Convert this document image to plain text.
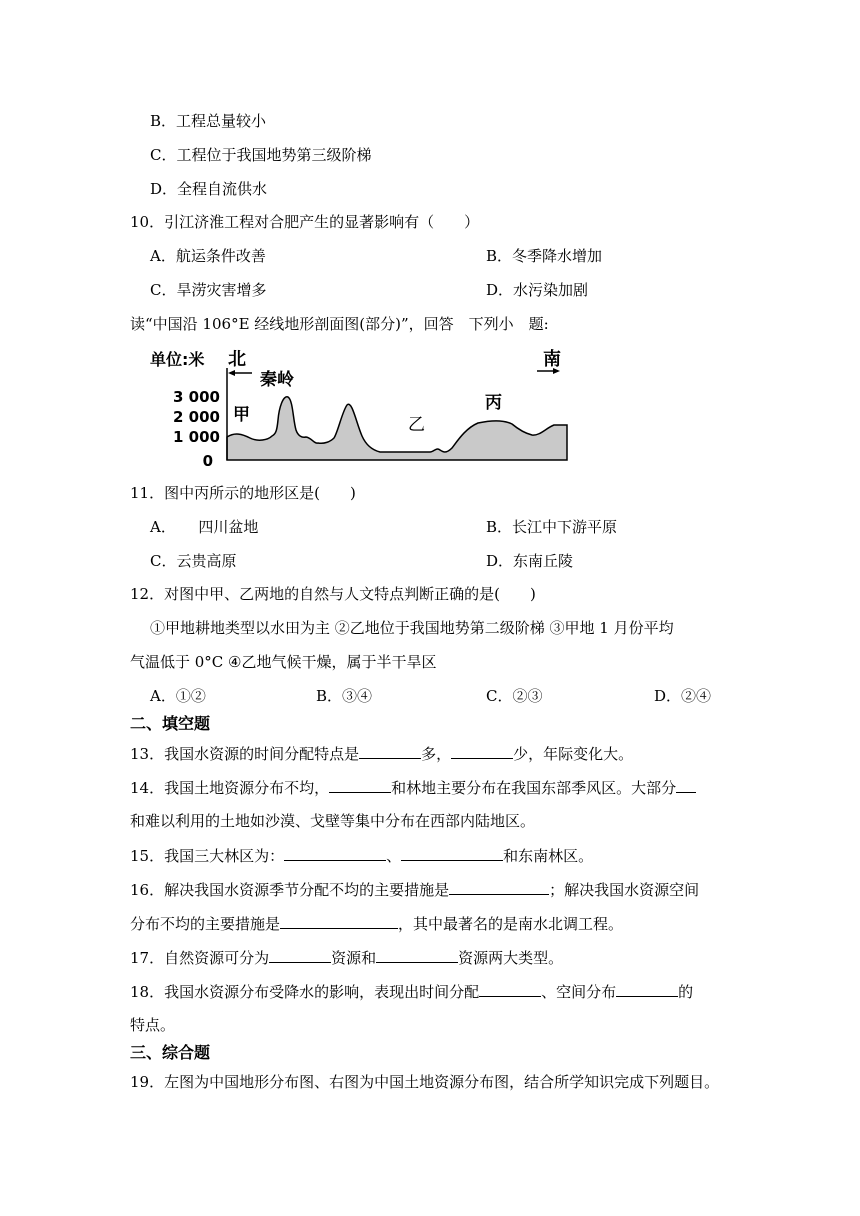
B．工程总量较小
C．工程位于我国地势第三级阶梯
D．全程自流供水
10．引江济淮工程对合肥产生的显著影响有（　　）
A．航运条件改善	B．冬季降水增加
C．旱涝灾害增多	D．水污染加剧
读“中国沿 106°E 经线地形剖面图(部分)”，回答　下列小　题:
单位:米 北	南
3 000
2 000
1 000
0
秦岭
甲	乙
丙
11．图中丙所示的地形区是(　　)
A．　　四川盆地	B．长江中下游平原
C．云贵高原	D．东南丘陵
12．对图中甲、乙两地的自然与人文特点判断正确的是(　　)
①甲地耕地类型以水田为主 ②乙地位于我国地势第二级阶梯 ③甲地 1 月份平均
气温低于 0°C ④乙地气候干燥，属于半干旱区
A．①②	B．③④	C．②③	D．②④
二、填空题
13．我国水资源的时间分配特点是	多，	少，年际变化大。
14．我国土地资源分布不均，	和林地主要分布在我国东部季风区。大部分
和难以利用的土地如沙漠、戈壁等集中分布在西部内陆地区。
15．我国三大林区为：	、	和东南林区。
16．解决我国水资源季节分配不均的主要措施是	；解决我国水资源空间
分布不均的主要措施是	，其中最著名的是南水北调工程。
17．自然资源可分为	资源和	资源两大类型。
18．我国水资源分布受降水的影响，表现出时间分配	、空间分布	的
特点。
三、综合题
19．左图为中国地形分布图、右图为中国土地资源分布图，结合所学知识完成下列题目。
